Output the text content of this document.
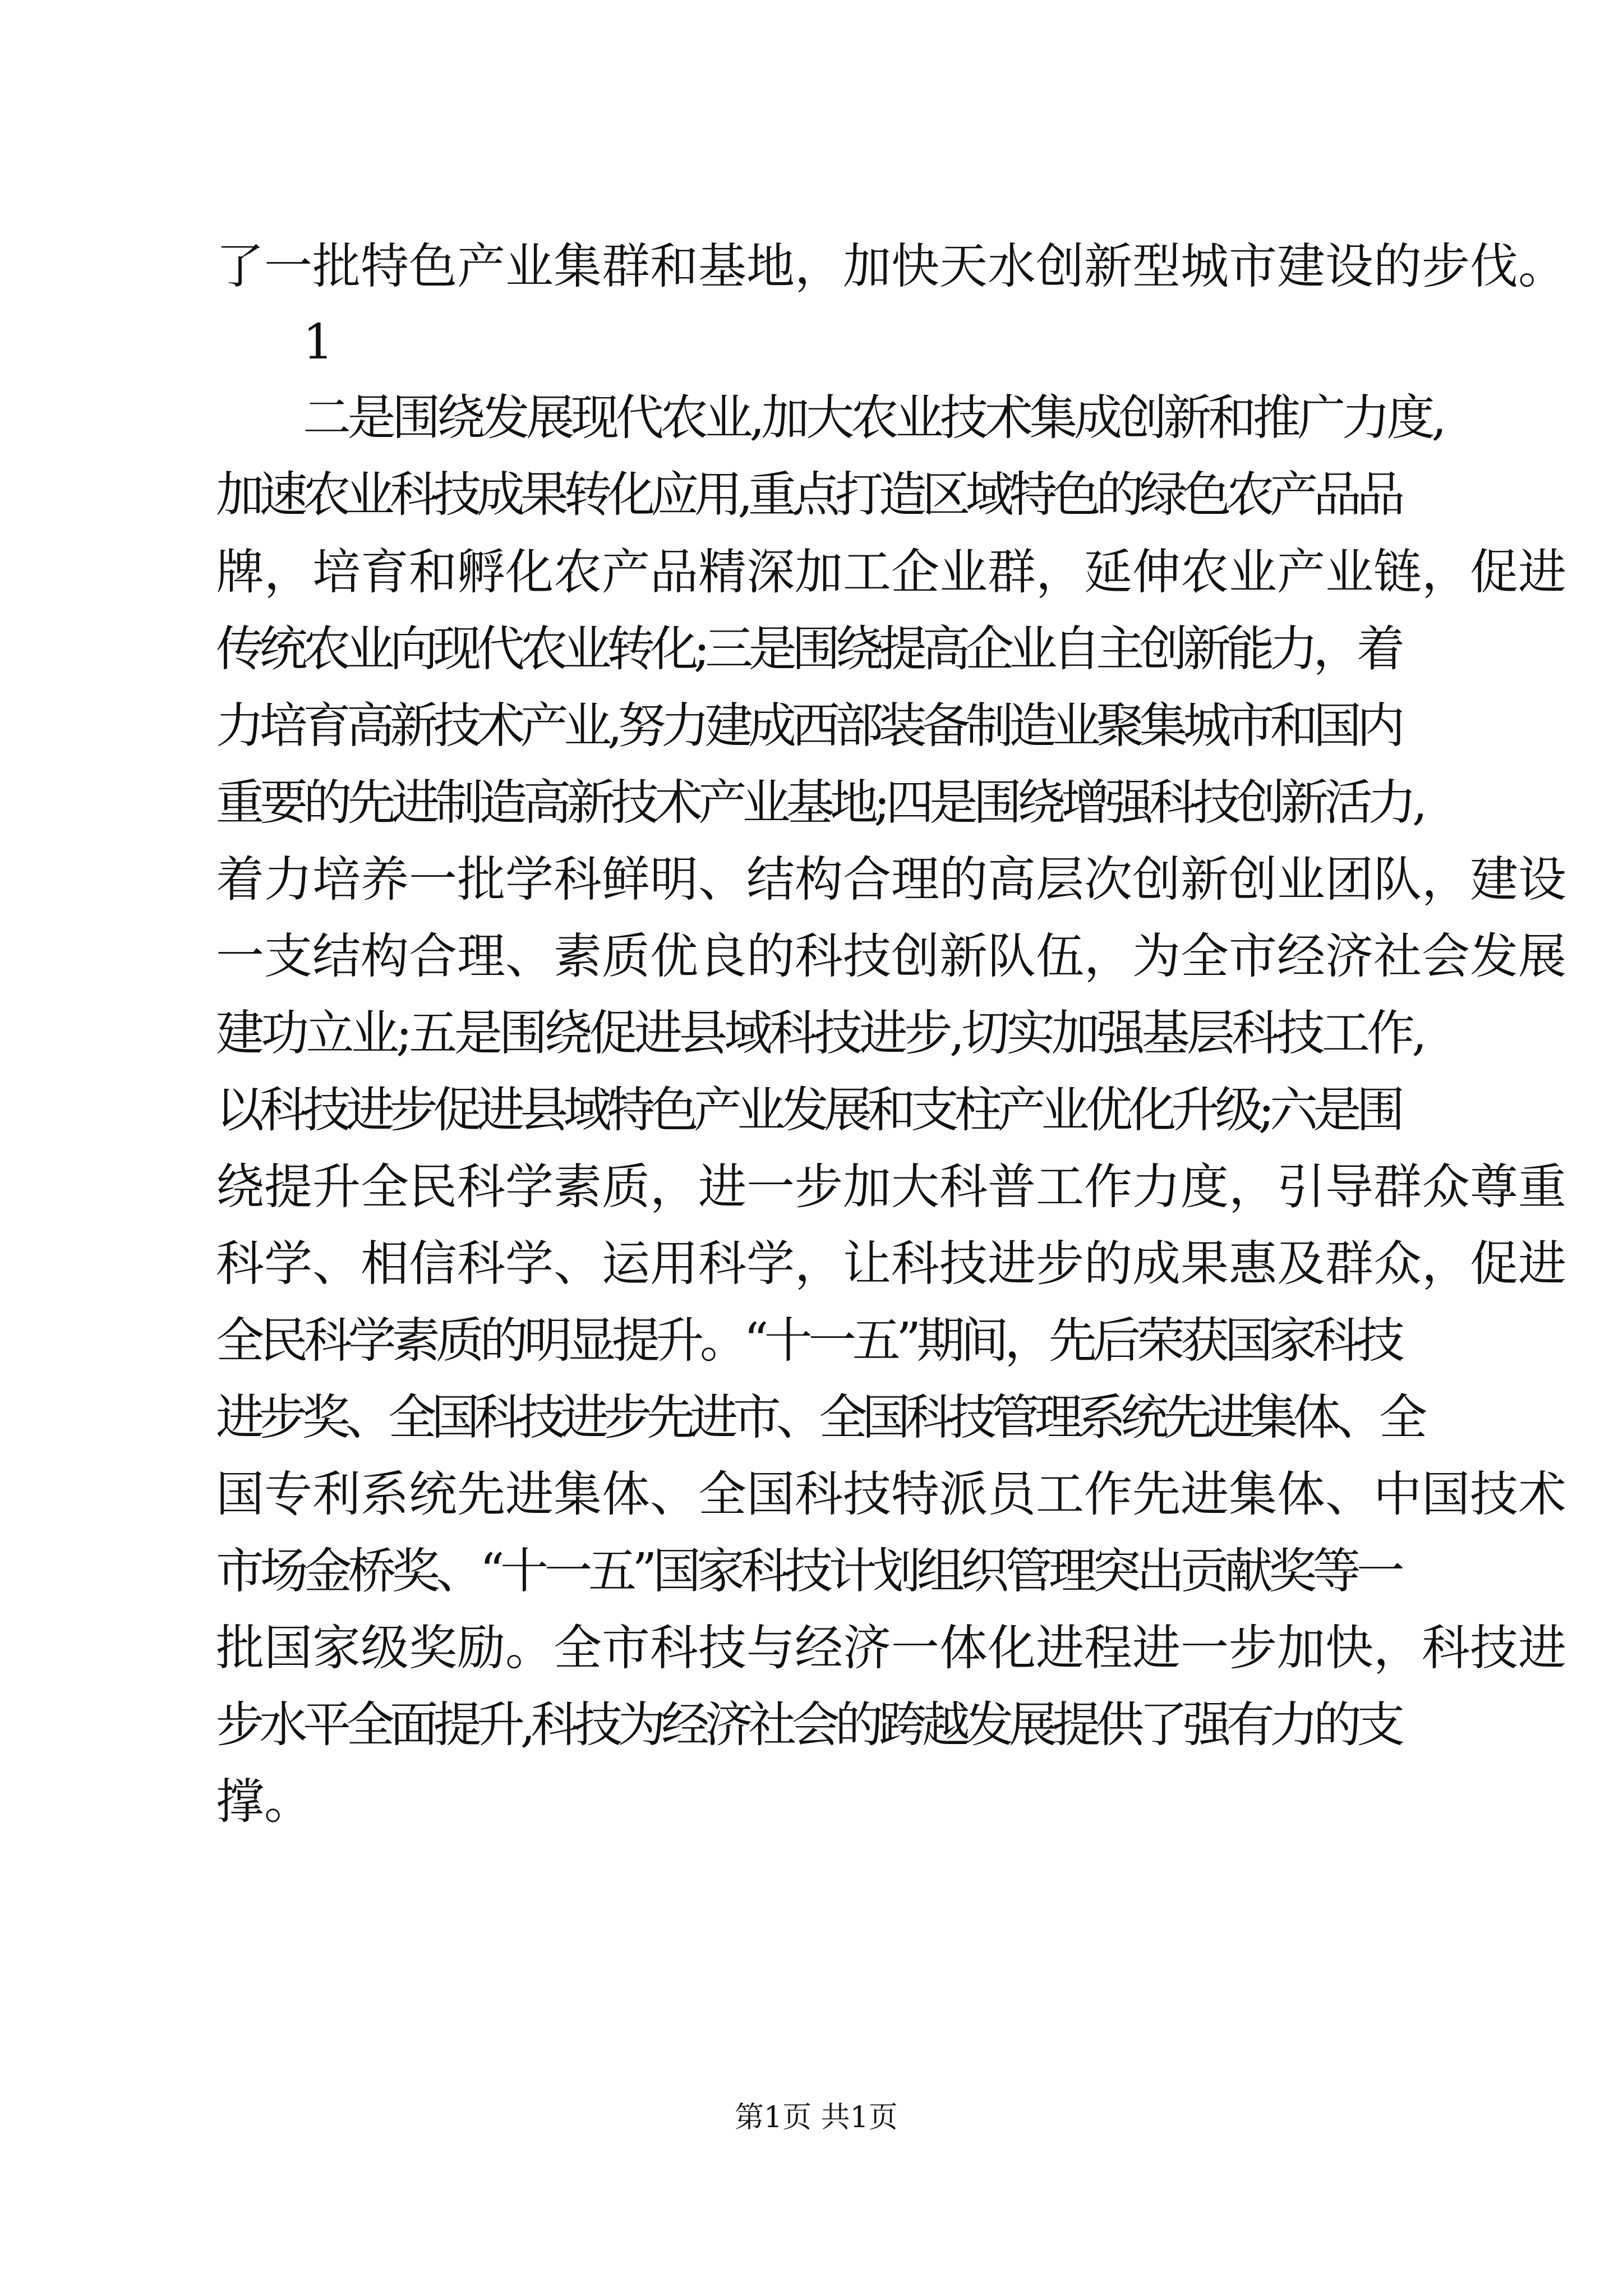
了一批特色产业集群和基地，加快天水创新型城市建设的步伐。
1
二是围绕发展现代农业,加大农业技术集成创新和推广力度,
加速农业科技成果转化应用,重点打造区域特色的绿色农产品品
牌，培育和孵化农产品精深加工企业群，延伸农业产业链，促进
传统农业向现代农业转化;三是围绕提高企业自主创新能力，着
力培育高新技术产业,努力建成西部装备制造业聚集城市和国内
重要的先进制造高新技术产业基地;四是围绕增强科技创新活力,
着力培养一批学科鲜明、结构合理的高层次创新创业团队，建设
一支结构合理、素质优良的科技创新队伍，为全市经济社会发展
建功立业;五是围绕促进县域科技进步,切实加强基层科技工作,
以科技进步促进县域特色产业发展和支柱产业优化升级;六是围
绕提升全民科学素质，进一步加大科普工作力度，引导群众尊重
科学、相信科学、运用科学，让科技进步的成果惠及群众，促进
全民科学素质的明显提升。“十一五”期间，先后荣获国家科技
进步奖、全国科技进步先进市、全国科技管理系统先进集体、全
国专利系统先进集体、全国科技特派员工作先进集体、中国技术
市场金桥奖、“十一五”国家科技计划组织管理突出贡献奖等一
批国家级奖励。全市科技与经济一体化进程进一步加快，科技进
步水平全面提升,科技为经济社会的跨越发展提供了强有力的支
撑。
第1页 共1页
